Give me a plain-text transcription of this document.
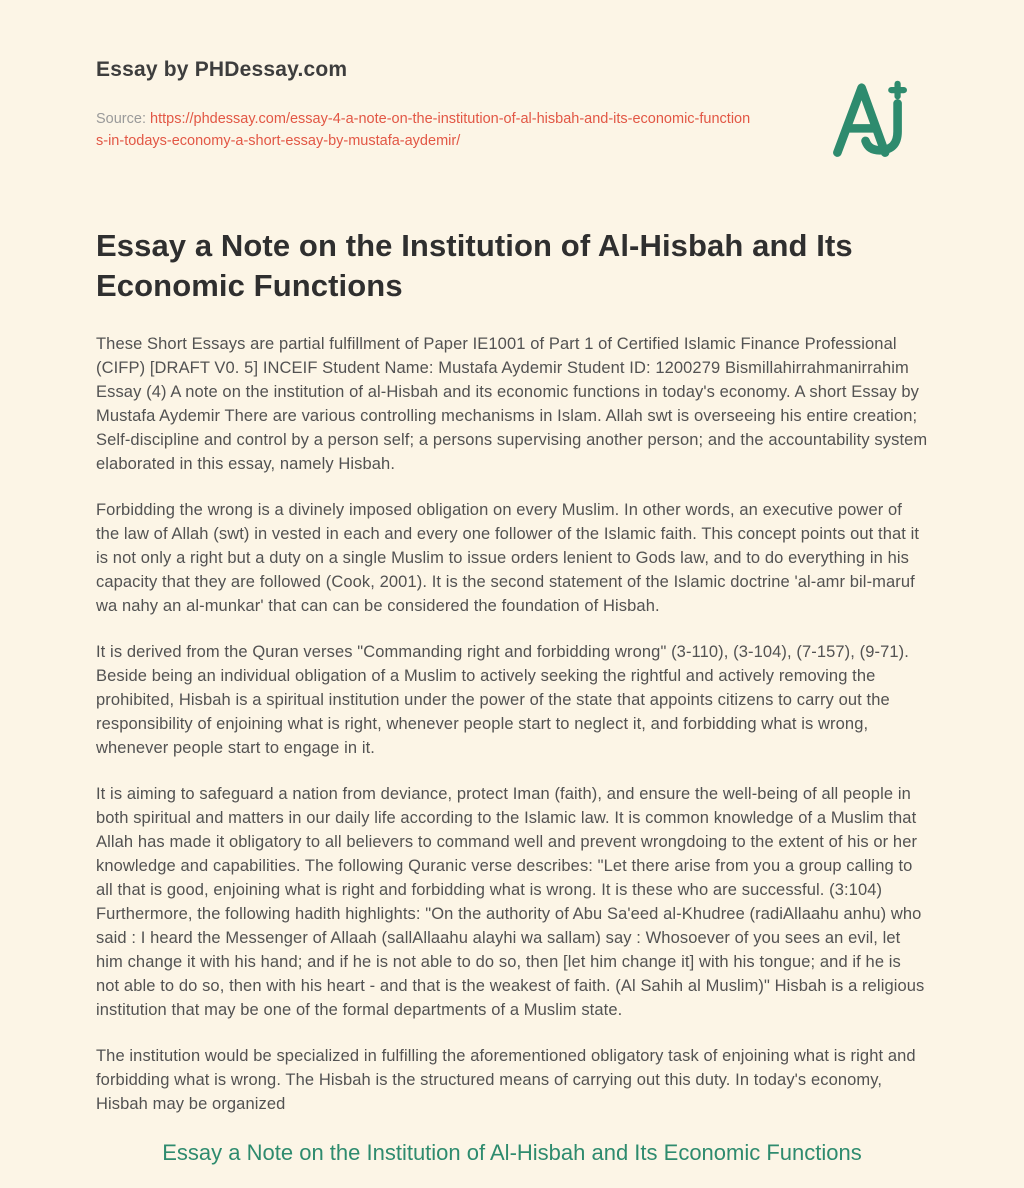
Essay by PHDessay.com
Source: https://phdessay.com/essay-4-a-note-on-the-institution-of-al-hisbah-and-its-economic-functions-in-todays-economy-a-short-essay-by-mustafa-aydemir/
Essay a Note on the Institution of Al-Hisbah and Its Economic Functions

These Short Essays are partial fulfillment of Paper IE1001 of Part 1 of Certified Islamic Finance Professional (CIFP) [DRAFT V0. 5] INCEIF Student Name: Mustafa Aydemir Student ID: 1200279 Bismillahirrahmanirrahim Essay (4) A note on the institution of al-Hisbah and its economic functions in today's economy. A short Essay by Mustafa Aydemir There are various controlling mechanisms in Islam. Allah swt is overseeing his entire creation; Self-discipline and control by a person self; a persons supervising another person; and the accountability system elaborated in this essay, namely Hisbah.

Forbidding the wrong is a divinely imposed obligation on every Muslim. In other words, an executive power of the law of Allah (swt) in vested in each and every one follower of the Islamic faith. This concept points out that it is not only a right but a duty on a single Muslim to issue orders lenient to Gods law, and to do everything in his capacity that they are followed (Cook, 2001). It is the second statement of the Islamic doctrine 'al-amr bil-maruf wa nahy an al-munkar' that can can be considered the foundation of Hisbah.

It is derived from the Quran verses "Commanding right and forbidding wrong" (3-110), (3-104), (7-157), (9-71). Beside being an individual obligation of a Muslim to actively seeking the rightful and actively removing the prohibited, Hisbah is a spiritual institution under the power of the state that appoints citizens to carry out the responsibility of enjoining what is right, whenever people start to neglect it, and forbidding what is wrong, whenever people start to engage in it.

It is aiming to safeguard a nation from deviance, protect Iman (faith), and ensure the well-being of all people in both spiritual and matters in our daily life according to the Islamic law. It is common knowledge of a Muslim that Allah has made it obligatory to all believers to command well and prevent wrongdoing to the extent of his or her knowledge and capabilities. The following Quranic verse describes: "Let there arise from you a group calling to all that is good, enjoining what is right and forbidding what is wrong. It is these who are successful. (3:104) Furthermore, the following hadith highlights: "On the authority of Abu Sa'eed al-Khudree (radiAllaahu anhu) who said : I heard the Messenger of Allaah (sallAllaahu alayhi wa sallam) say : Whosoever of you sees an evil, let him change it with his hand; and if he is not able to do so, then [let him change it] with his tongue; and if he is not able to do so, then with his heart - and that is the weakest of faith. (Al Sahih al Muslim)" Hisbah is a religious institution that may be one of the formal departments of a Muslim state.

The institution would be specialized in fulfilling the aforementioned obligatory task of enjoining what is right and forbidding what is wrong. The Hisbah is the structured means of carrying out this duty. In today's economy, Hisbah may be organized

Essay a Note on the Institution of Al-Hisbah and Its Economic Functions
